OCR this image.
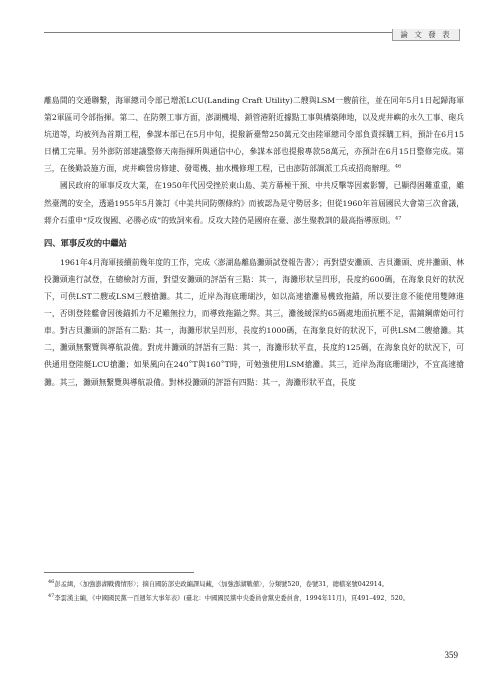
論 文 發 表

離島間的交通聯繫，海軍總司令部已增派LCU(Landing Craft Utility)二艘與LSM一艘前往，並在同年5月1日起歸海軍第2軍區司令部指揮。第二、在防禦工事方面，澎湖機場、鎖管港附近據點工事與構築陣地，以及虎井嶼的永久工事、砲兵坑道等，均被列為首期工程，參謀本部已在5月中旬，提撥新臺幣250萬元交由陸軍總司令部負責採購工料，預計在6月15日構工完畢。另外澎防部建議整修天南指揮所與通信中心，參謀本部也提撥專款58萬元，亦預計在6月15日整修完成。第三，在後勤設施方面，虎井嶼營房修建、發電機、抽水機修理工程，已由澎防部調派工兵或招商辦理。$^{46}$

國民政府的軍事反攻大業，在1950年代因受挫於東山島、美方幕極干預、中共反擊等因素影響，已顯得困難重重，雖然臺灣的安全，透過1955年5月簽訂《中美共同防禦條約》而被認為是守勢居多；但從1960年首屆國民大會第三次會議，蔣介石重申“反攻復國、必勝必成”的致詞來看。反攻大陸仍是國府在臺、澎生聚教訓的最高指導原則。$^{47}$

四、軍事反攻的中繼站

1961年4月海軍接續前幾年度的工作，完成〈澎湖島離島灘頭試登報告書〉；再對望安灘頭、吉貝灘頭、虎井灘頭、林投灘頭進行試登，在總檢討方面，對望安灘頭的評語有三點：其一，海灘形狀呈凹形，長度約600碼，在海象良好的狀況下，可供LST二艘或LSM三艘搶灘。其二，近岸為海底珊瑚沙，如以高速搶灘易機致拖錨，所以要注意不能使用雙陣進一，否則登陸艦會因後錨抓力不足難無拉力，而導致拖錨之弊。其三，灘後緩深約65碼處地面抗壓不足，需鋪鋼蓆始可行車。對吉貝灘頭的評語有二點：其一，海灘形狀呈凹形，長度約1000碼，在海象良好的狀況下，可供LSM二艘搶灘。其二，灘頭無繫覽與導航設備。對虎井灘頭的評語有三點：其一，海灘形狀平直，長度約125碼，在海象良好的狀況下，可供通用登陸艇LCU搶灘；如果風向在240˚T與160˚T時，可勉強使用LSM搶灘。其三，近岸為海底珊瑚沙，不宜高速搶灘。其三，灘頭無繫覽與導航設備。對林投灘頭的評語有四點：其一，海灘形狀平直，長度

$^{46}$彭孟緝，〈加強澎湖戰備情形〉；摘自國防部史政編譯局藏，〈加強澎湖戰備〉，分類號520，卷號31，總檔案號042914。

$^{47}$李雲漢主編，《中國國民黨一百週年大事年表》(臺北：中國國民黨中央委員會黨史委員會，1994年11月)，頁491–492、520。

359
